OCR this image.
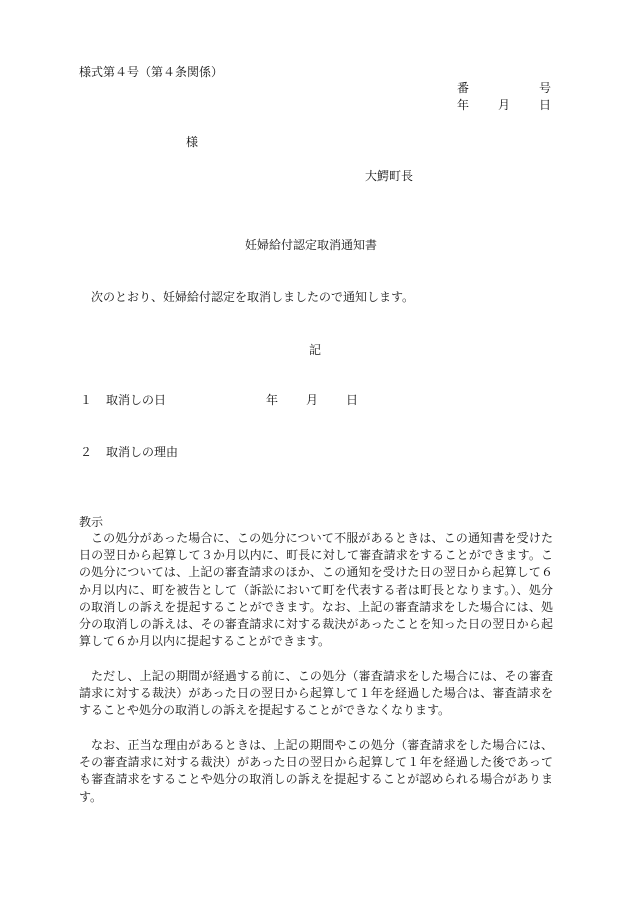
様式第４号（第４条関係）
番	号
年 月 日
様
大鰐町長
妊婦給付認定取消通知書
次のとおり、妊婦給付認定を取消しましたので通知します。
記
１ 取消しの日	年 月 日
２ 取消しの理由
教示

この処分があった場合に、この処分について不服があるときは、この通知書を受けた日の翌日から起算して３か月以内に、町長に対して審査請求をすることができます。この処分については、上記の審査請求のほか、この通知を受けた日の翌日から起算して６か月以内に、町を被告として（訴訟において町を代表する者は町長となります。）、処分の取消しの訴えを提起することができます。なお、上記の審査請求をした場合には、処分の取消しの訴えは、その審査請求に対する裁決があったことを知った日の翌日から起算して６か月以内に提起することができます。

ただし、上記の期間が経過する前に、この処分（審査請求をした場合には、その審査請求に対する裁決）があった日の翌日から起算して１年を経過した場合は、審査請求をすることや処分の取消しの訴えを提起することができなくなります。

なお、正当な理由があるときは、上記の期間やこの処分（審査請求をした場合には、その審査請求に対する裁決）があった日の翌日から起算して１年を経過した後であっても審査請求をすることや処分の取消しの訴えを提起することが認められる場合があります。
